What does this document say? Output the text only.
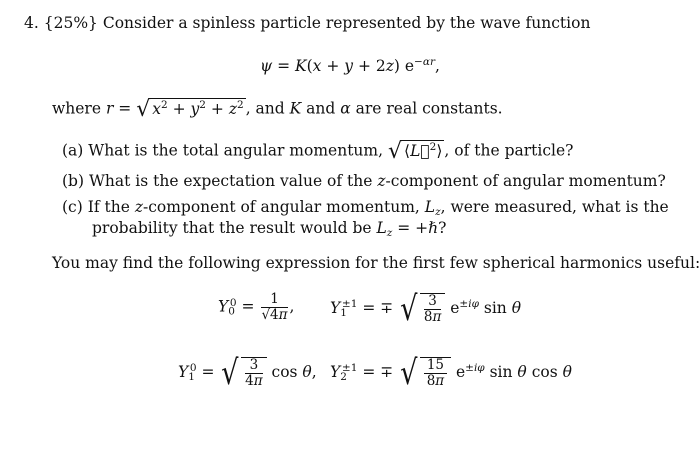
4. {25%} Consider a spinless particle represented by the wave function
ψ = K(x + y + 2z) $e^{-\alpha r}$,
where r = √ $x^2 + y^2 + z^2$ , and K and α are real constants.
(a) What is the total angular momentum, √ ⟨L⃗$^2$⟩ , of the particle?
(b) What is the expectation value of the z-component of angular momentum?
(c) If the z-component of angular momentum, $L_z$, were measured, what is the
probability that the result would be $L_z$ = +ℏ?
You may find the following expression for the first few spherical harmonics useful:
$Y_0^0 = \frac{1}{√4\pi}$ , $Y_1^{\pm 1}$ = ∓ √ $\frac{3}{8\pi} e^{\pm i\varphi}$ sin θ
$Y_1^0$ = √ $\frac{3}{4\pi}$ cos θ, $Y_2^{\pm 1}$ = ∓ √ $\frac{15}{8\pi} e^{\pm i\varphi}$ sin θ cos θ
